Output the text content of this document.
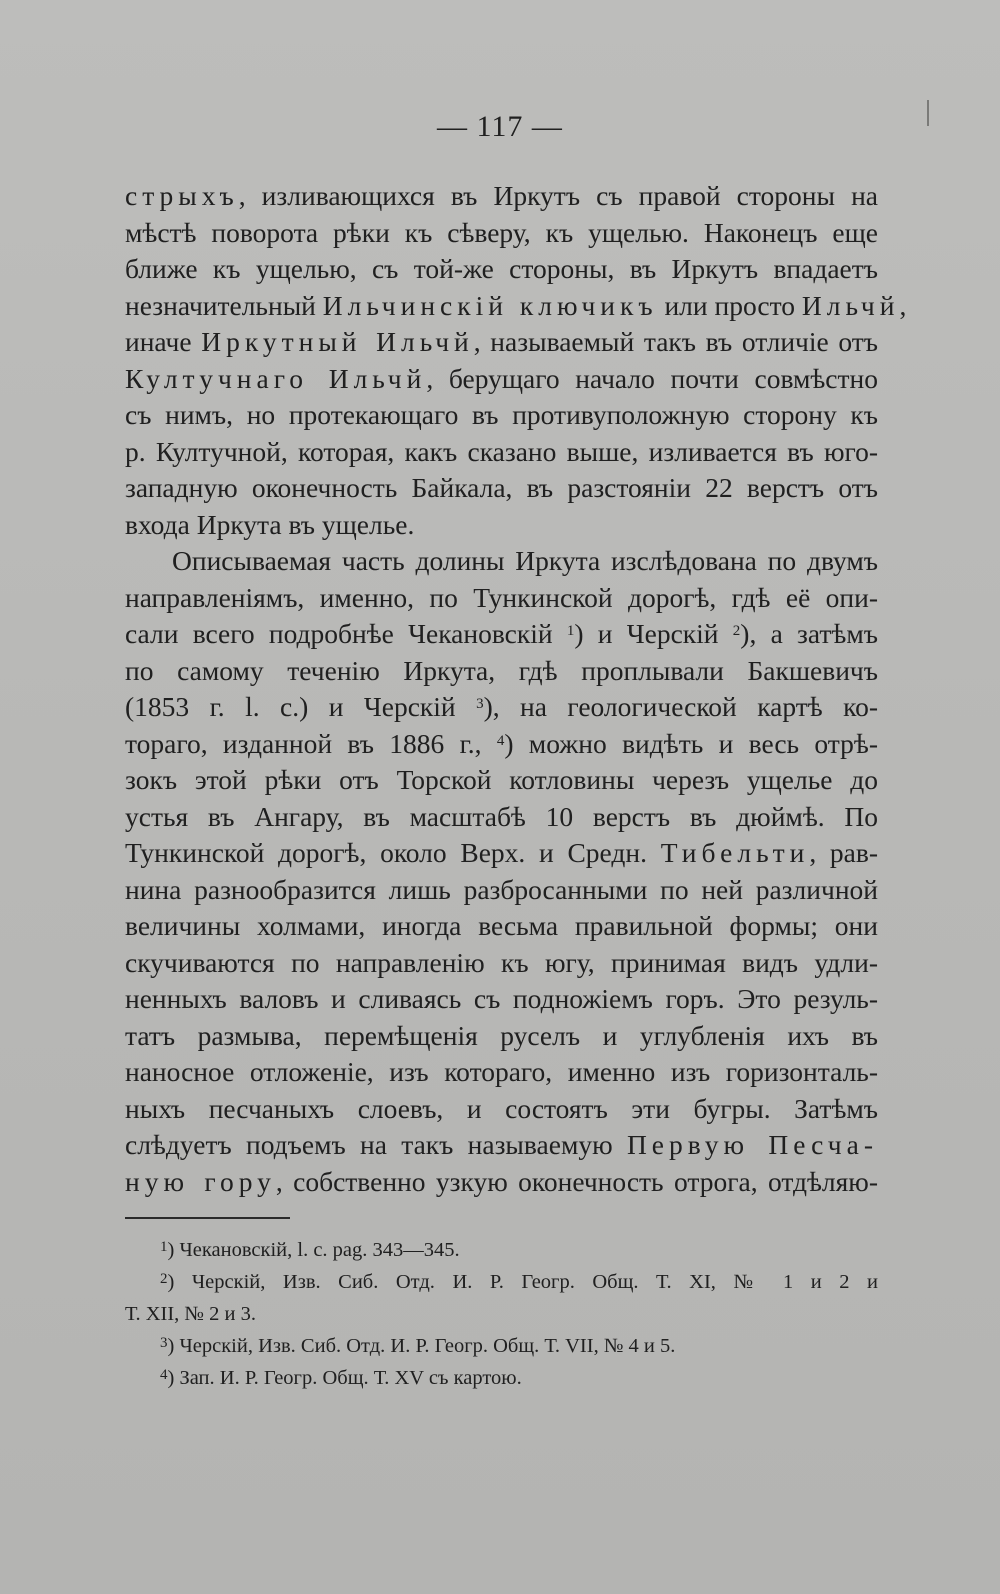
— 117 —
стрыхъ, изливающихся въ Иркутъ съ правой стороны на
мѣстѣ поворота рѣки къ сѣверу, къ ущелью. Наконецъ еще
ближе къ ущелью, съ той-же стороны, въ Иркутъ впадаетъ
незначительный Ильчинскій ключикъ или просто Ильчй,
иначе Иркутный Ильчй, называемый такъ въ отличіе отъ
Култучнаго Ильчй, берущаго начало почти совмѣстно
съ нимъ, но протекающаго въ противуположную сторону къ
р. Култучной, которая, какъ сказано выше, изливается въ юго-
западную оконечность Байкала, въ разстояніи 22 верстъ отъ
входа Иркута въ ущелье.
Описываемая часть долины Иркута изслѣдована по двумъ
направленіямъ, именно, по Тункинской дорогѣ, гдѣ её опи-
сали всего подробнѣе Чекановскій $^1$) и Черскій $^2$), а затѣмъ
по самому теченію Иркута, гдѣ проплывали Бакшевичъ
(1853 г. l. c.) и Черскій $^3$), на геологической картѣ ко-
тораго, изданной въ 1886 г., $^4$) можно видѣть и весь отрѣ-
зокъ этой рѣки отъ Торской котловины черезъ ущелье до
устья въ Ангару, въ масштабѣ 10 верстъ въ дюймѣ. По
Тункинской дорогѣ, около Верх. и Средн. Тибельти, рав-
нина разнообразится лишь разбросанными по ней различной
величины холмами, иногда весьма правильной формы; они
скучиваются по направленію къ югу, принимая видъ удли-
ненныхъ валовъ и сливаясь съ подножіемъ горъ. Это резуль-
татъ размыва, перемѣщенія руселъ и углубленія ихъ въ
наносное отложеніе, изъ котораго, именно изъ горизонталь-
ныхъ песчаныхъ слоевъ, и состоятъ эти бугры. Затѣмъ
слѣдуетъ подъемъ на такъ называемую Первую Песча-
ную гору, собственно узкую оконечность отрога, отдѣляю-
$^1$) Чекановскій, l. c. pag. 343—345.
$^2$) Черскій, Изв. Сиб. Отд. И. Р. Геогр. Общ. Т. XI, № 1 и 2 и
Т. XII, № 2 и 3.
$^3$) Черскій, Изв. Сиб. Отд. И. Р. Геогр. Общ. Т. VII, № 4 и 5.
$^4$) Зап. И. Р. Геогр. Общ. Т. XV съ картою.
